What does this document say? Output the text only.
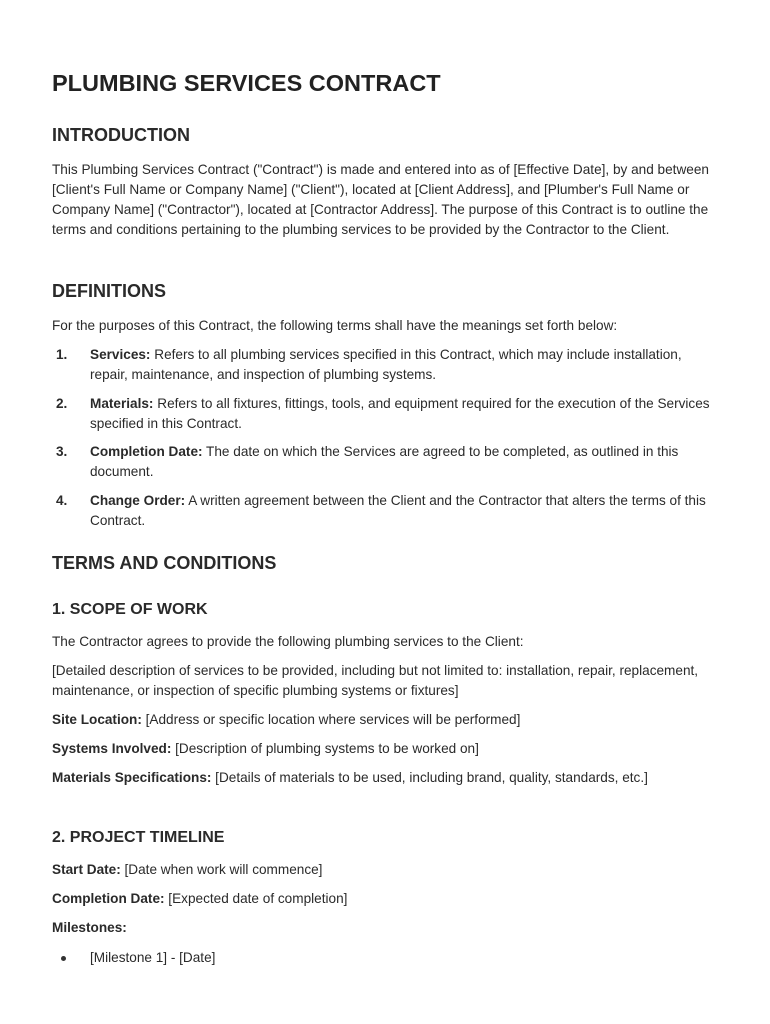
PLUMBING SERVICES CONTRACT
INTRODUCTION
This Plumbing Services Contract ("Contract") is made and entered into as of [Effective Date], by and between [Client's Full Name or Company Name] ("Client"), located at [Client Address], and [Plumber's Full Name or Company Name] ("Contractor"), located at [Contractor Address]. The purpose of this Contract is to outline the terms and conditions pertaining to the plumbing services to be provided by the Contractor to the Client.
DEFINITIONS
For the purposes of this Contract, the following terms shall have the meanings set forth below:
1. Services: Refers to all plumbing services specified in this Contract, which may include installation, repair, maintenance, and inspection of plumbing systems.
2. Materials: Refers to all fixtures, fittings, tools, and equipment required for the execution of the Services specified in this Contract.
3. Completion Date: The date on which the Services are agreed to be completed, as outlined in this document.
4. Change Order: A written agreement between the Client and the Contractor that alters the terms of this Contract.
TERMS AND CONDITIONS
1. SCOPE OF WORK
The Contractor agrees to provide the following plumbing services to the Client:
[Detailed description of services to be provided, including but not limited to: installation, repair, replacement, maintenance, or inspection of specific plumbing systems or fixtures]
Site Location: [Address or specific location where services will be performed]
Systems Involved: [Description of plumbing systems to be worked on]
Materials Specifications: [Details of materials to be used, including brand, quality, standards, etc.]
2. PROJECT TIMELINE
Start Date: [Date when work will commence]
Completion Date: [Expected date of completion]
Milestones:
[Milestone 1] - [Date]
